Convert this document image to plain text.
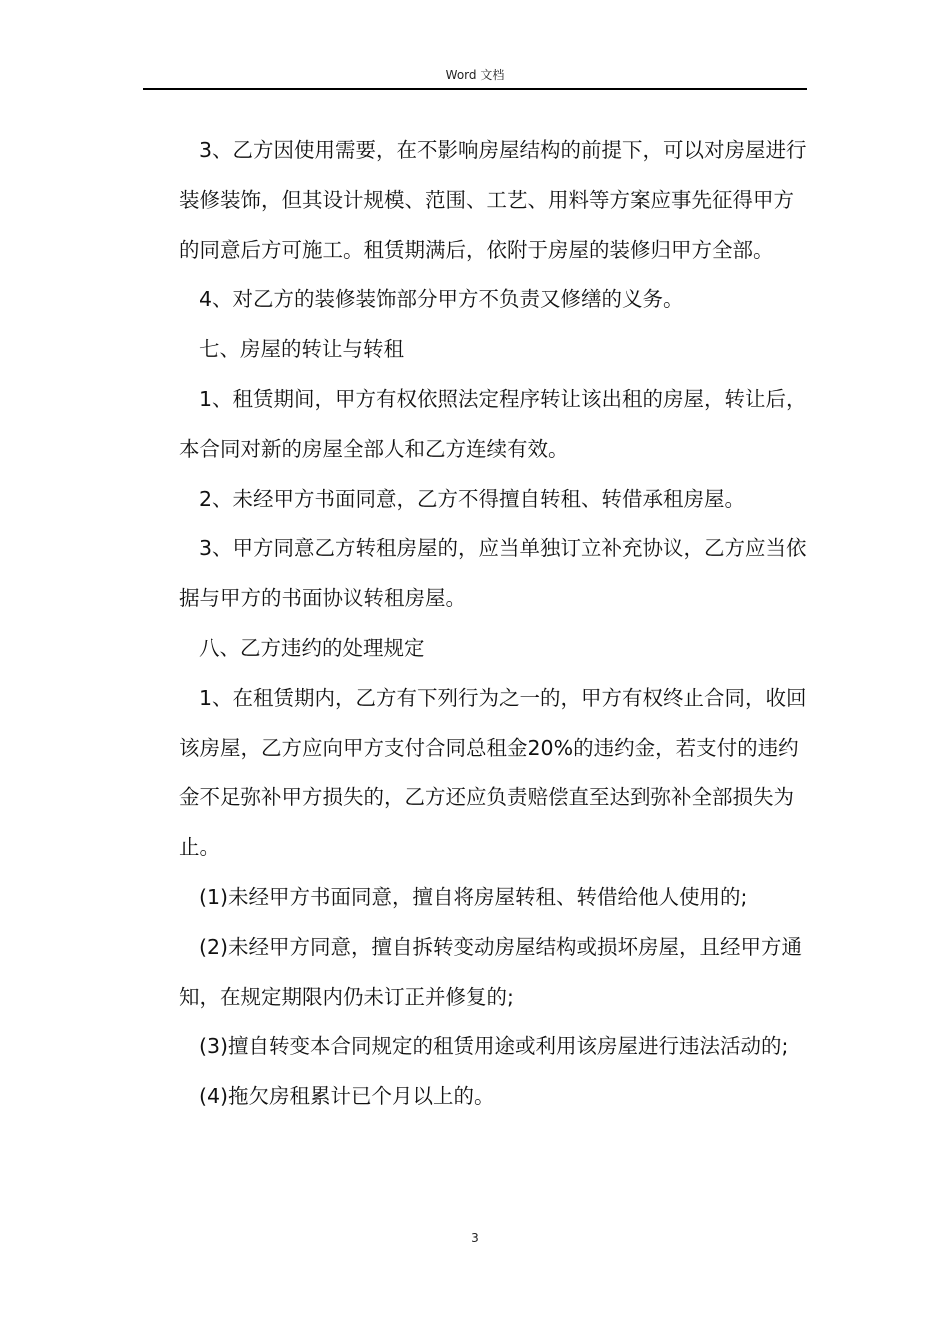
Word 文档

3、乙方因使用需要，在不影响房屋结构的前提下，可以对房屋进行装修装饰，但其设计规模、范围、工艺、用料等方案应事先征得甲方的同意后方可施工。租赁期满后，依附于房屋的装修归甲方全部。

4、对乙方的装修装饰部分甲方不负责又修缮的义务。

七、房屋的转让与转租

1、租赁期间，甲方有权依照法定程序转让该出租的房屋，转让后，本合同对新的房屋全部人和乙方连续有效。

2、未经甲方书面同意，乙方不得擅自转租、转借承租房屋。

3、甲方同意乙方转租房屋的，应当单独订立补充协议，乙方应当依据与甲方的书面协议转租房屋。

八、乙方违约的处理规定

1、在租赁期内，乙方有下列行为之一的，甲方有权终止合同，收回该房屋，乙方应向甲方支付合同总租金20%的违约金，若支付的违约金不足弥补甲方损失的，乙方还应负责赔偿直至达到弥补全部损失为止。

(1)未经甲方书面同意，擅自将房屋转租、转借给他人使用的;

(2)未经甲方同意，擅自拆转变动房屋结构或损坏房屋，且经甲方通知，在规定期限内仍未订正并修复的;

(3)擅自转变本合同规定的租赁用途或利用该房屋进行违法活动的;

(4)拖欠房租累计已个月以上的。

3
